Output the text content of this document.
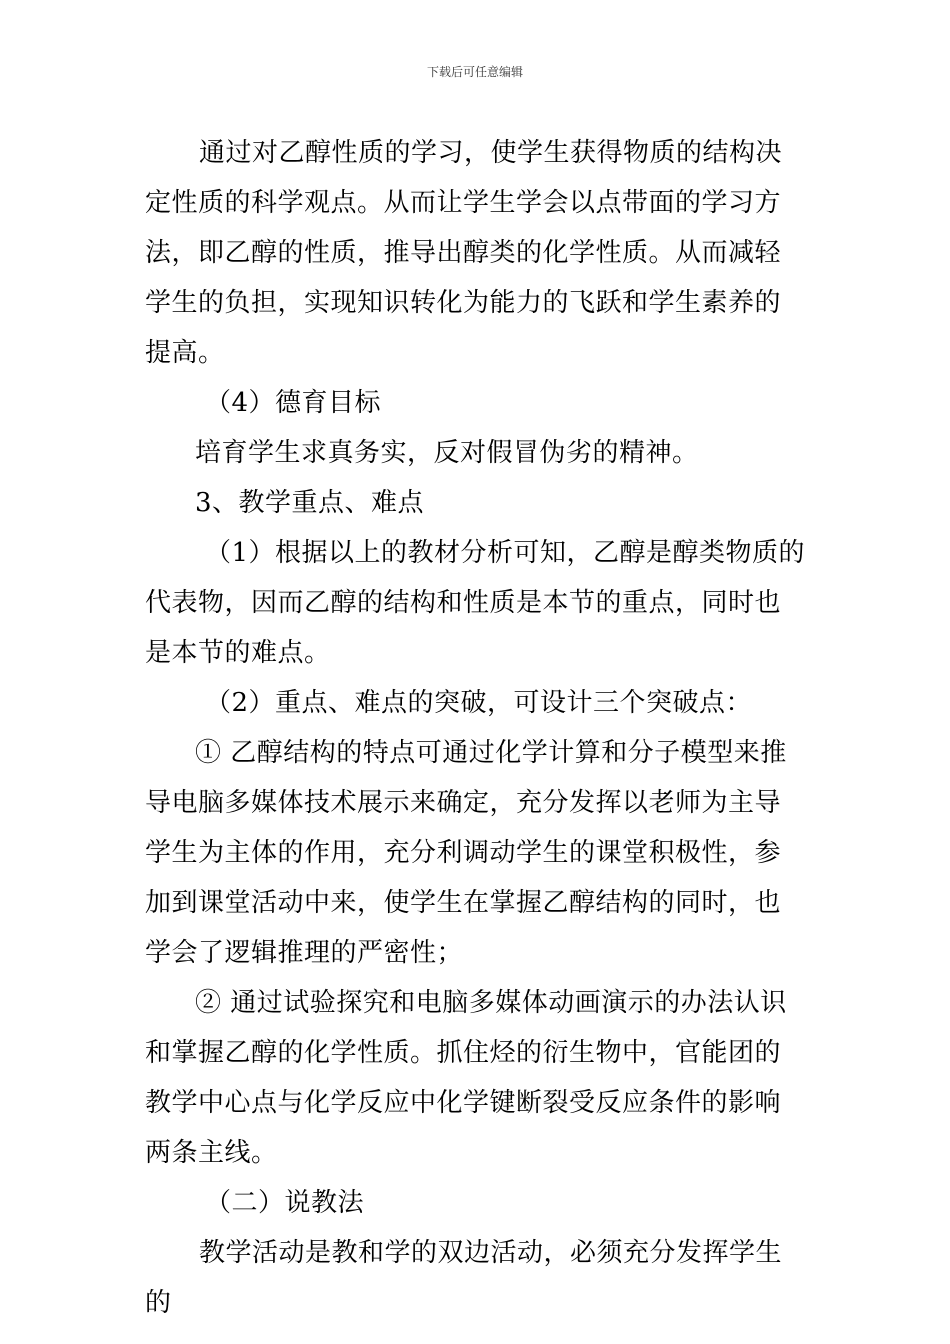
下载后可任意编辑

通过对乙醇性质的学习，使学生获得物质的结构决定性质的科学观点。从而让学生学会以点带面的学习方法，即乙醇的性质，推导出醇类的化学性质。从而减轻学生的负担，实现知识转化为能力的飞跃和学生素养的提高。

（4）德育目标

培育学生求真务实，反对假冒伪劣的精神。

3、教学重点、难点

（1）根据以上的教材分析可知，乙醇是醇类物质的代表物，因而乙醇的结构和性质是本节的重点，同时也是本节的难点。

（2）重点、难点的突破，可设计三个突破点：

① 乙醇结构的特点可通过化学计算和分子模型来推导电脑多媒体技术展示来确定，充分发挥以老师为主导学生为主体的作用，充分利调动学生的课堂积极性，参加到课堂活动中来，使学生在掌握乙醇结构的同时，也学会了逻辑推理的严密性；

② 通过试验探究和电脑多媒体动画演示的办法认识和掌握乙醇的化学性质。抓住烃的衍生物中，官能团的教学中心点与化学反应中化学键断裂受反应条件的影响两条主线。

（二）说教法

教学活动是教和学的双边活动，必须充分发挥学生的
